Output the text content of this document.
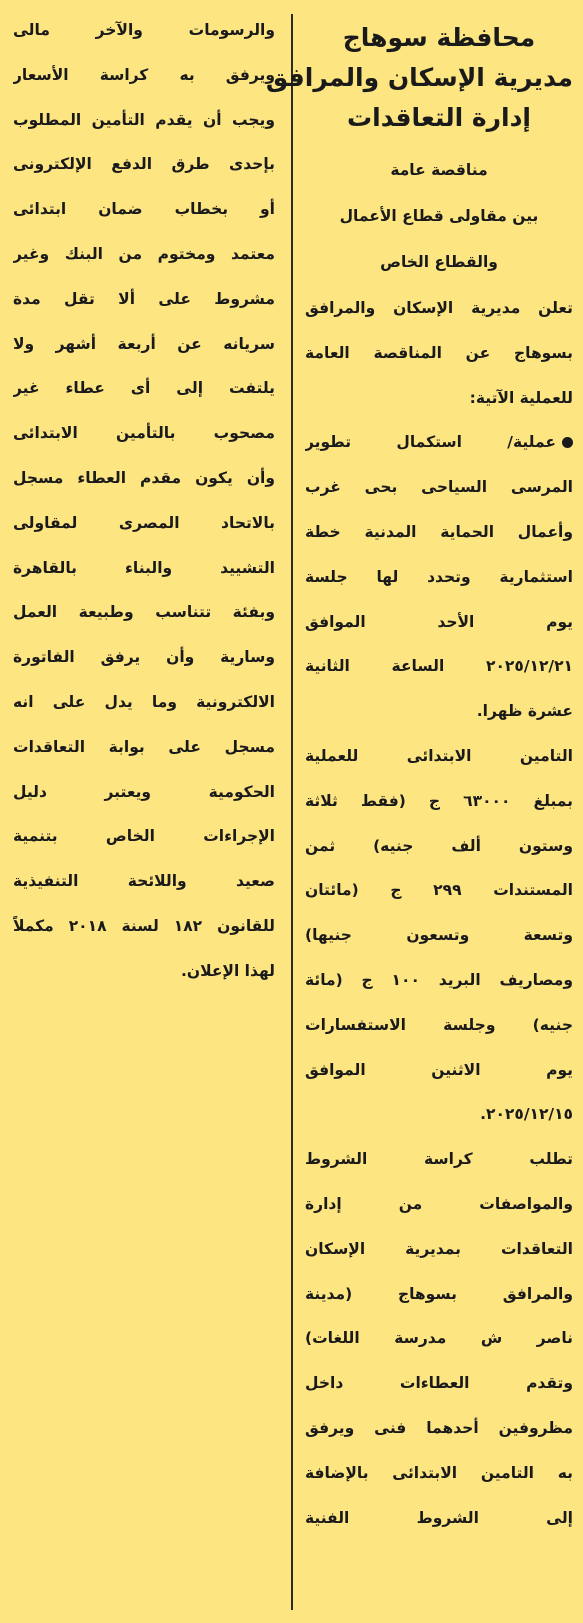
محافظة سوهاج

مديرية الإسكان والمرافق

إدارة التعاقدات

مناقصة عامة

بين مقاولى قطاع الأعمال

والقطاع الخاص

تعلن مديرية الإسكان والمرافق
بسوهاج عن المناقصة العامة
للعملية الآتية:
عملية/ استكمال تطوير
المرسى السياحى بحى غرب
وأعمال الحماية المدنية خطة
استثمارية وتحدد لها جلسة
يوم الأحد الموافق
٢٠٢٥/١٢/٢١ الساعة الثانية
عشرة ظهرا.
التامين الابتدائى للعملية
بمبلغ ٦٣٠٠٠ ج (فقط ثلاثة
وستون ألف جنيه) ثمن
المستندات ٢٩٩ ج (مائتان
وتسعة وتسعون جنيها)
ومصاريف البريد ١٠٠ ج (مائة
جنيه) وجلسة الاستفسارات
يوم الاثنين الموافق
٢٠٢٥/١٢/١٥.
تطلب كراسة الشروط
والمواصفات من إدارة
التعاقدات بمديرية الإسكان
والمرافق بسوهاج (مدينة
ناصر ش مدرسة اللغات)
وتقدم العطاءات داخل
مظروفين أحدهما فنى ويرفق
به التامين الابتدائى بالإضافة
إلى الشروط الفنية
والرسومات والآخر مالى
ويرفق به كراسة الأسعار
ويجب أن يقدم التأمين المطلوب
بإحدى طرق الدفع الإلكترونى
أو بخطاب ضمان ابتدائى
معتمد ومختوم من البنك وغير
مشروط على ألا تقل مدة
سريانه عن أربعة أشهر ولا
يلتفت إلى أى عطاء غير
مصحوب بالتأمين الابتدائى
وأن يكون مقدم العطاء مسجل
بالاتحاد المصرى لمقاولى
التشييد والبناء بالقاهرة
وبفئة تتناسب وطبيعة العمل
وسارية وأن يرفق الفاتورة
الالكترونية وما يدل على انه
مسجل على بوابة التعاقدات
الحكومية ويعتبر دليل
الإجراءات الخاص بتنمية
صعيد واللائحة التنفيذية
للقانون ١٨٢ لسنة ٢٠١٨ مكملاً
لهذا الإعلان.
